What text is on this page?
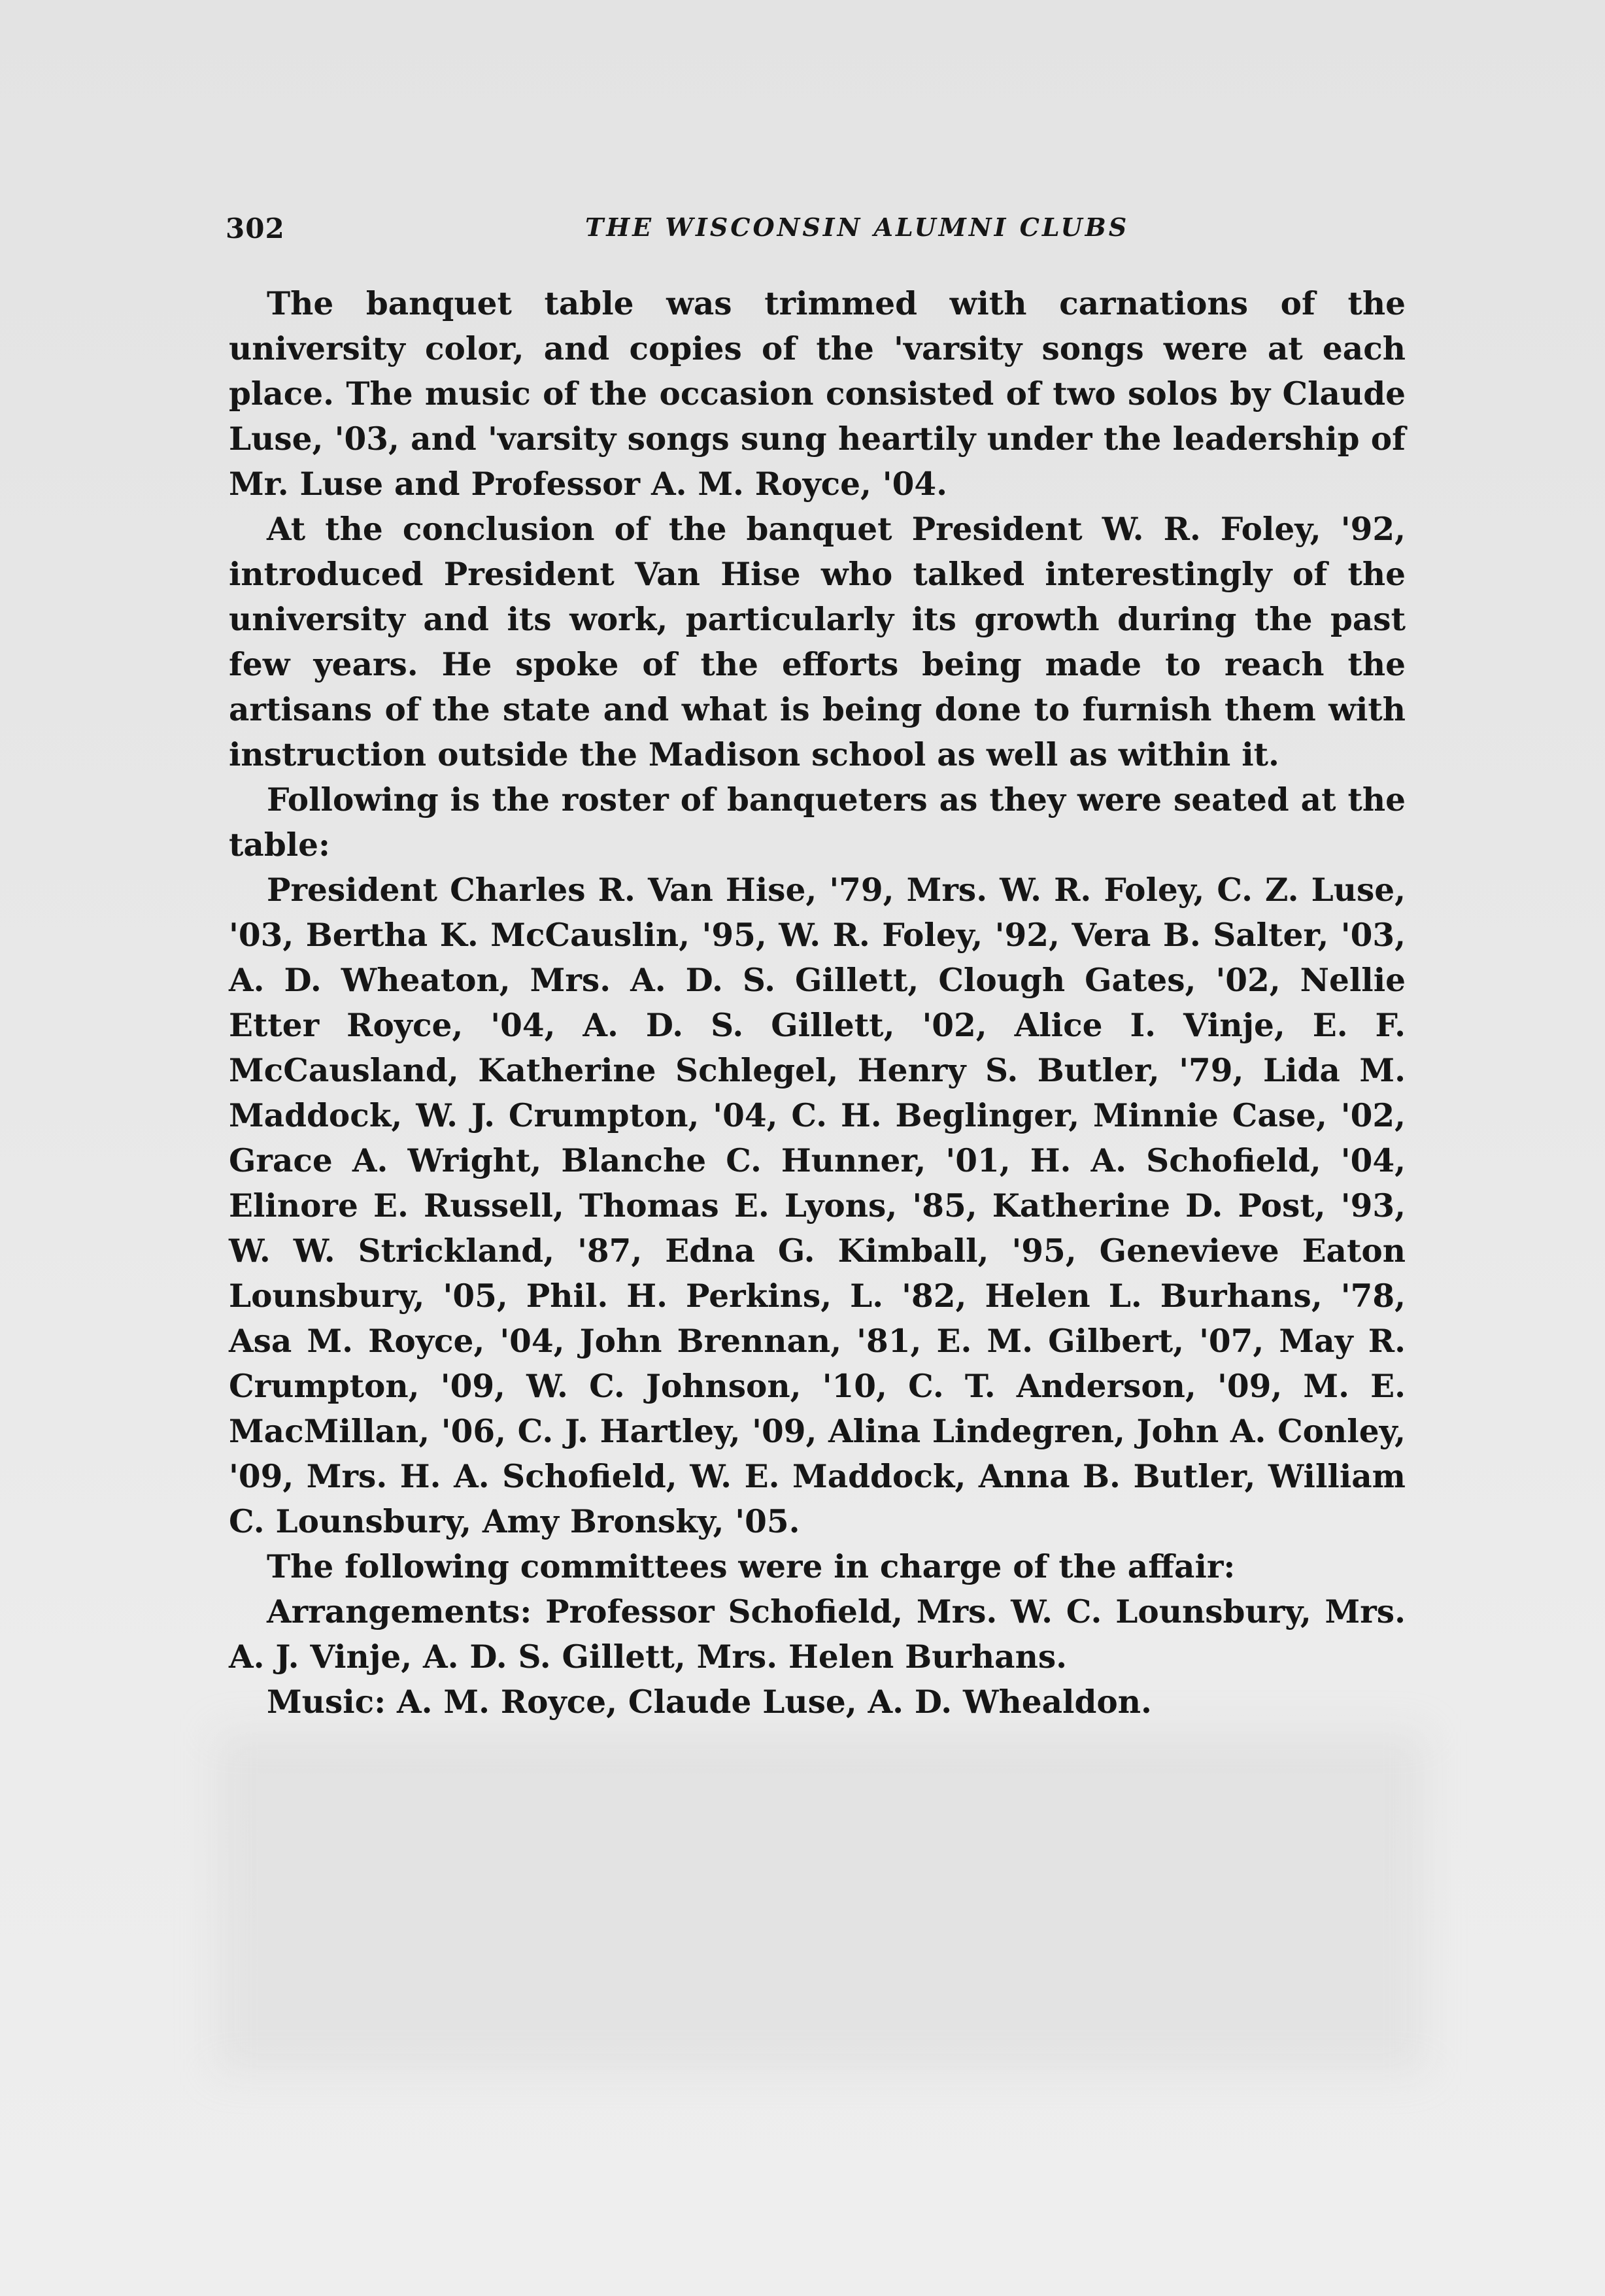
302	THE WISCONSIN ALUMNI CLUBS

The banquet table was trimmed with carnations of the university color, and copies of the 'varsity songs were at each place. The music of the occasion consisted of two solos by Claude Luse, '03, and 'varsity songs sung heartily under the leadership of Mr. Luse and Professor A. M. Royce, '04.

At the conclusion of the banquet President W. R. Foley, '92, introduced President Van Hise who talked interestingly of the university and its work, particularly its growth during the past few years. He spoke of the efforts being made to reach the artisans of the state and what is being done to furnish them with instruction outside the Madison school as well as within it.

Following is the roster of banqueters as they were seated at the table:

President Charles R. Van Hise, '79, Mrs. W. R. Foley, C. Z. Luse, '03, Bertha K. McCauslin, '95, W. R. Foley, '92, Vera B. Salter, '03, A. D. Wheaton, Mrs. A. D. S. Gillett, Clough Gates, '02, Nellie Etter Royce, '04, A. D. S. Gillett, '02, Alice I. Vinje, E. F. McCausland, Katherine Schlegel, Henry S. Butler, '79, Lida M. Maddock, W. J. Crumpton, '04, C. H. Beglinger, Minnie Case, '02, Grace A. Wright, Blanche C. Hunner, '01, H. A. Schofield, '04, Elinore E. Russell, Thomas E. Lyons, '85, Katherine D. Post, '93, W. W. Strickland, '87, Edna G. Kimball, '95, Genevieve Eaton Lounsbury, '05, Phil. H. Perkins, L. '82, Helen L. Burhans, '78, Asa M. Royce, '04, John Brennan, '81, E. M. Gilbert, '07, May R. Crumpton, '09, W. C. Johnson, '10, C. T. Anderson, '09, M. E. MacMillan, '06, C. J. Hartley, '09, Alina Lindegren, John A. Conley, '09, Mrs. H. A. Schofield, W. E. Maddock, Anna B. Butler, William C. Lounsbury, Amy Bronsky, '05.

The following committees were in charge of the affair:

Arrangements: Professor Schofield, Mrs. W. C. Lounsbury, Mrs. A. J. Vinje, A. D. S. Gillett, Mrs. Helen Burhans.

Music: A. M. Royce, Claude Luse, A. D. Whealdon.
